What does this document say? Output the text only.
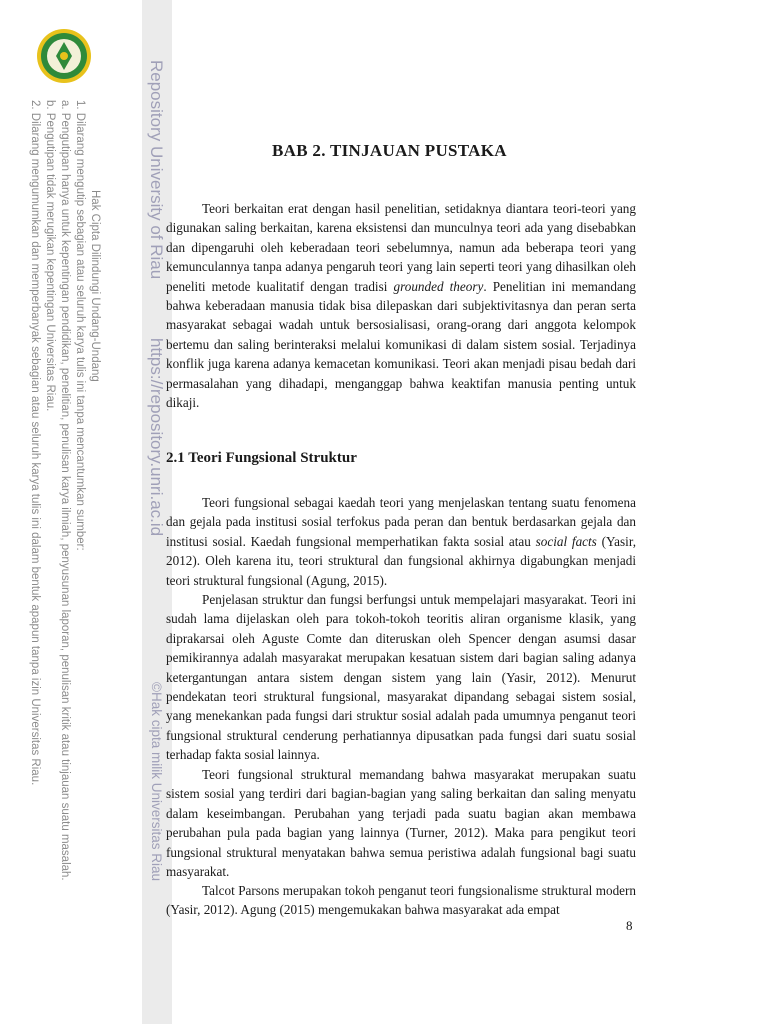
Hak Cipta Dilindungi Undang-Undang
1. Dilarang mengutip sebagian atau seluruh karya tulis ini tanpa mencantumkan sumber:
a. Pengutipan hanya untuk kepentingan pendidikan, penelitian, penulisan karya ilmiah, penyusunan laporan, penulisan kritik atau tinjauan suatu masalah.
b. Pengutipan tidak merugikan kepentingan Universitas Riau.
2. Dilarang mengumumkan dan memperbanyak sebagian atau seluruh karya tulis ini dalam bentuk apapun tanpa izin Universitas Riau.	Repository University of Riau
https://repository.unri.ac.id
©Hak cipta milik Universitas Riau
BAB 2. TINJAUAN PUSTAKA

Teori berkaitan erat dengan hasil penelitian, setidaknya diantara teori-teori yang digunakan saling berkaitan, karena eksistensi dan munculnya teori ada yang disebabkan dan dipengaruhi oleh keberadaan teori sebelumnya, namun ada beberapa teori yang kemunculannya tanpa adanya pengaruh teori yang lain seperti teori yang dihasilkan oleh peneliti metode kualitatif dengan tradisi grounded theory. Penelitian ini memandang bahwa keberadaan manusia tidak bisa dilepaskan dari subjektivitasnya dan peran serta masyarakat sebagai wadah untuk bersosialisasi, orang-orang dari anggota kelompok bertemu dan saling berinteraksi melalui komunikasi di dalam sistem sosial. Terjadinya konflik juga karena adanya kemacetan komunikasi. Teori akan menjadi pisau bedah dari permasalahan yang dihadapi, menganggap bahwa keaktifan manusia penting untuk dikaji.

2.1 Teori Fungsional Struktur

Teori fungsional sebagai kaedah teori yang menjelaskan tentang suatu fenomena dan gejala pada institusi sosial terfokus pada peran dan bentuk berdasarkan gejala dan institusi sosial. Kaedah fungsional memperhatikan fakta sosial atau social facts (Yasir, 2012). Oleh karena itu, teori struktural dan fungsional akhirnya digabungkan menjadi teori struktural fungsional (Agung, 2015).

Penjelasan struktur dan fungsi berfungsi untuk mempelajari masyarakat. Teori ini sudah lama dijelaskan oleh para tokoh-tokoh teoritis aliran organisme klasik, yang diprakarsai oleh Aguste Comte dan diteruskan oleh Spencer dengan asumsi dasar pemikirannya adalah masyarakat merupakan kesatuan sistem dari bagian saling adanya ketergantungan antara sistem dengan sistem yang lain (Yasir, 2012). Menurut pendekatan teori struktural fungsional, masyarakat dipandang sebagai sistem sosial, yang menekankan pada fungsi dari struktur sosial adalah pada umumnya penganut teori fungsional struktural cenderung perhatiannya dipusatkan pada fungsi dari suatu sosial terhadap fakta sosial lainnya.

Teori fungsional struktural memandang bahwa masyarakat merupakan suatu sistem sosial yang terdiri dari bagian-bagian yang saling berkaitan dan saling menyatu dalam keseimbangan. Perubahan yang terjadi pada suatu bagian akan membawa perubahan pula pada bagian yang lainnya (Turner, 2012). Maka para pengikut teori fungsional struktural menyatakan bahwa semua peristiwa adalah fungsional bagi suatu masyarakat.

Talcot Parsons merupakan tokoh penganut teori fungsionalisme struktural modern (Yasir, 2012). Agung (2015) mengemukakan bahwa masyarakat ada empat

8
